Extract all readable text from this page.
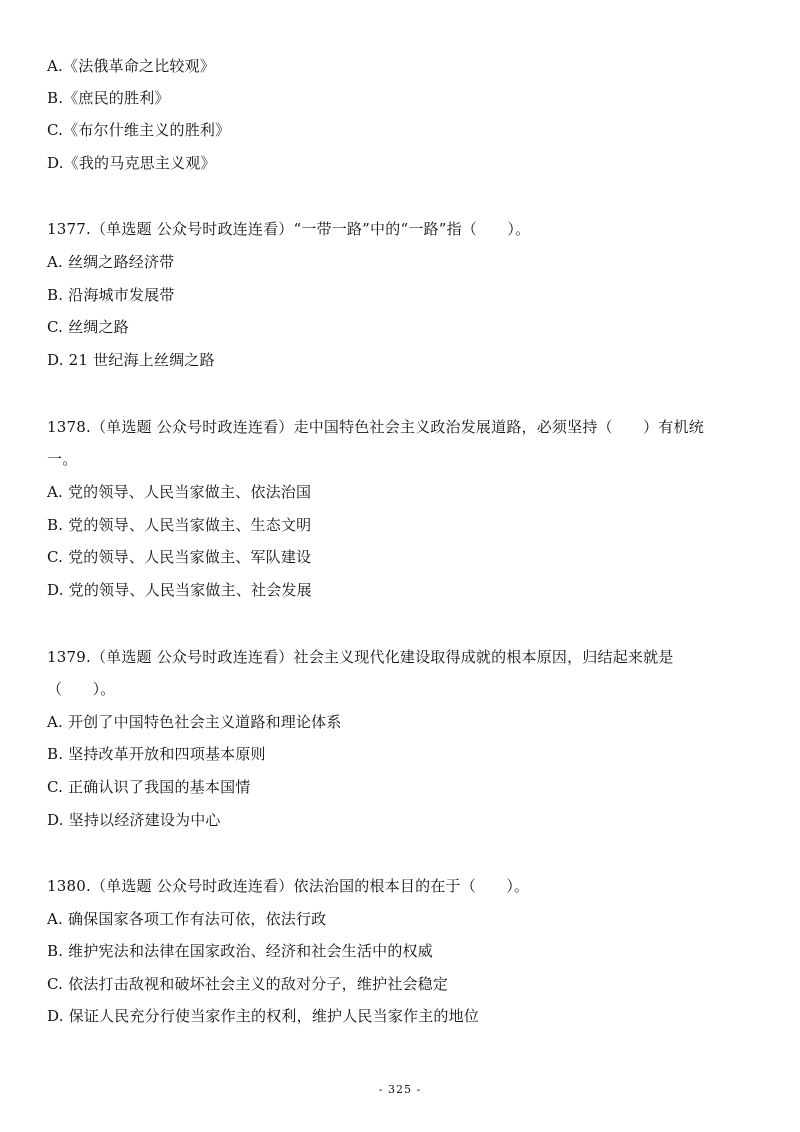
A.《法俄革命之比较观》
B.《庶民的胜利》
C.《布尔什维主义的胜利》
D.《我的马克思主义观》
1377.（单选题 公众号时政连连看）“一带一路”中的“一路”指（　　）。
A. 丝绸之路经济带
B. 沿海城市发展带
C. 丝绸之路
D. 21 世纪海上丝绸之路
1378.（单选题 公众号时政连连看）走中国特色社会主义政治发展道路，必须坚持（　　）有机统
一。
A. 党的领导、人民当家做主、依法治国
B. 党的领导、人民当家做主、生态文明
C. 党的领导、人民当家做主、军队建设
D. 党的领导、人民当家做主、社会发展
1379.（单选题 公众号时政连连看）社会主义现代化建设取得成就的根本原因，归结起来就是
（　　）。
A. 开创了中国特色社会主义道路和理论体系
B. 坚持改革开放和四项基本原则
C. 正确认识了我国的基本国情
D. 坚持以经济建设为中心
1380.（单选题 公众号时政连连看）依法治国的根本目的在于（　　）。
A. 确保国家各项工作有法可依，依法行政
B. 维护宪法和法律在国家政治、经济和社会生活中的权威
C. 依法打击敌视和破坏社会主义的敌对分子，维护社会稳定
D. 保证人民充分行使当家作主的权利，维护人民当家作主的地位
- 325 -
